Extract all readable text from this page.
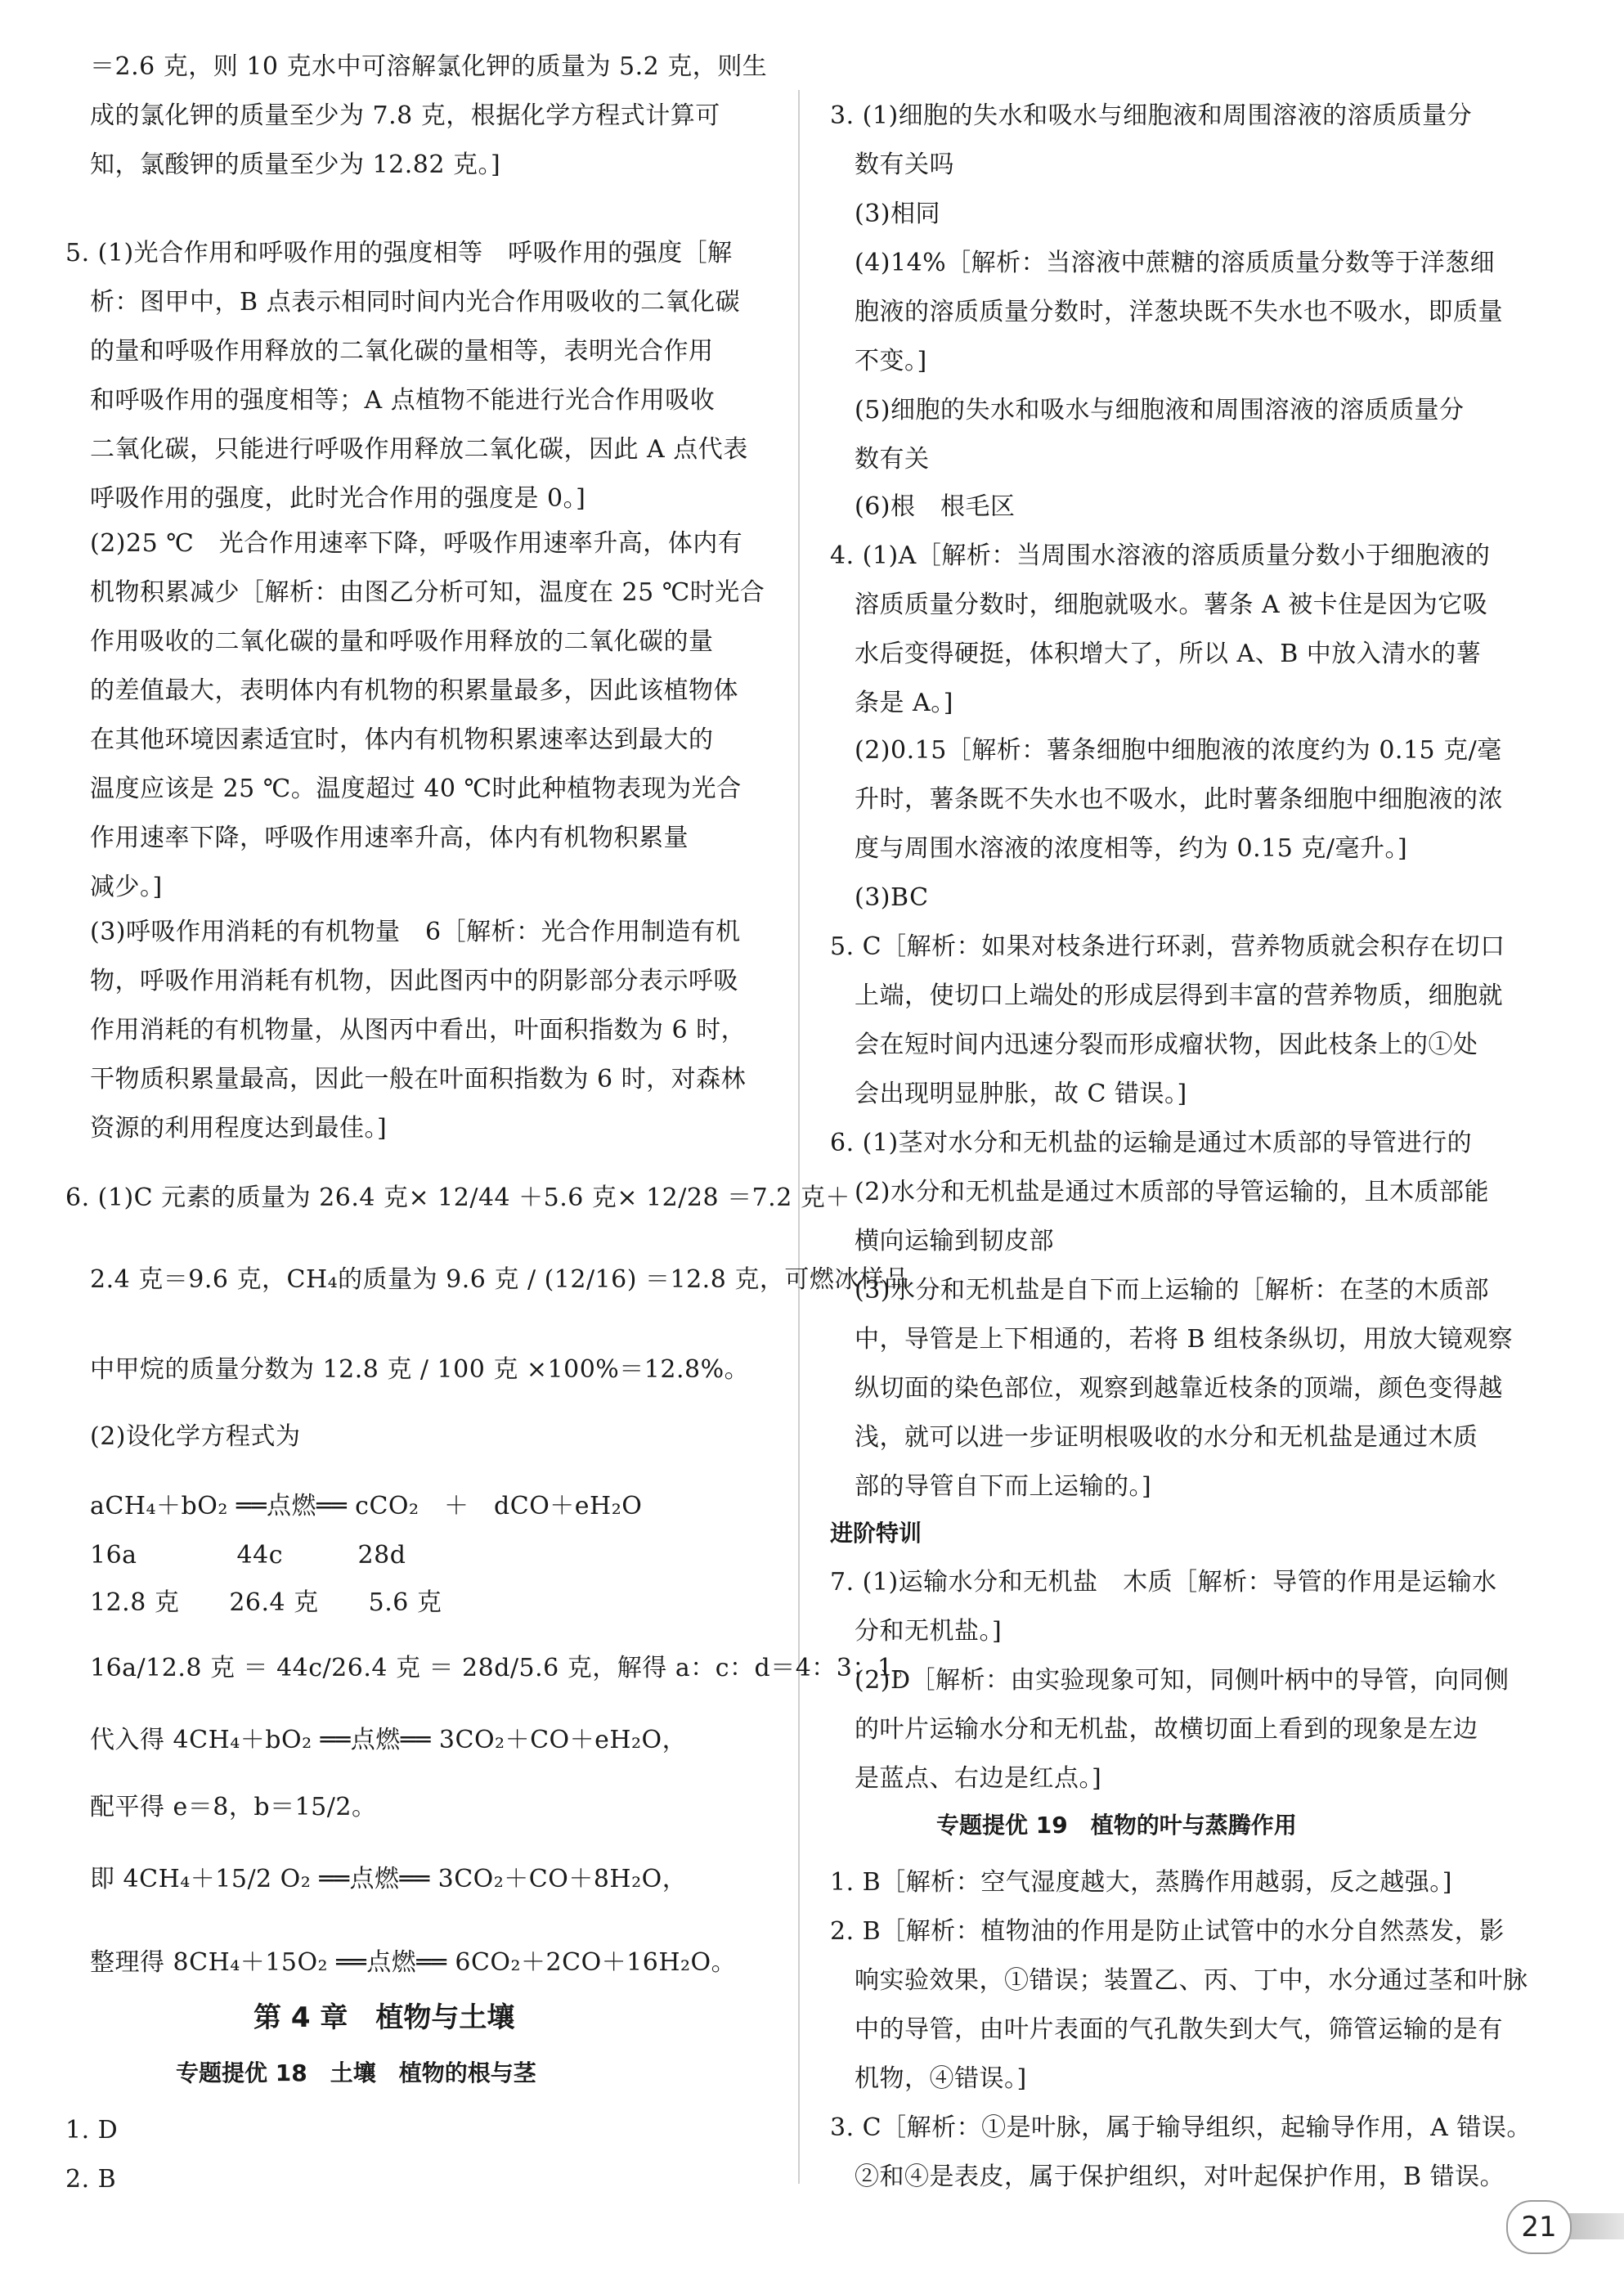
＝2.6 克，则 10 克水中可溶解氯化钾的质量为 5.2 克，则生
成的氯化钾的质量至少为 7.8 克，根据化学方程式计算可
知，氯酸钾的质量至少为 12.82 克。]
5. (1)光合作用和呼吸作用的强度相等　呼吸作用的强度［解
析：图甲中，B 点表示相同时间内光合作用吸收的二氧化碳
的量和呼吸作用释放的二氧化碳的量相等，表明光合作用
和呼吸作用的强度相等；A 点植物不能进行光合作用吸收
二氧化碳，只能进行呼吸作用释放二氧化碳，因此 A 点代表
呼吸作用的强度，此时光合作用的强度是 0。]
(2)25 ℃　光合作用速率下降，呼吸作用速率升高，体内有
机物积累减少［解析：由图乙分析可知，温度在 25 ℃时光合
作用吸收的二氧化碳的量和呼吸作用释放的二氧化碳的量
的差值最大，表明体内有机物的积累量最多，因此该植物体
在其他环境因素适宜时，体内有机物积累速率达到最大的
温度应该是 25 ℃。温度超过 40 ℃时此种植物表现为光合
作用速率下降，呼吸作用速率升高，体内有机物积累量
减少。]
(3)呼吸作用消耗的有机物量　6［解析：光合作用制造有机
物，呼吸作用消耗有机物，因此图丙中的阴影部分表示呼吸
作用消耗的有机物量，从图丙中看出，叶面积指数为 6 时，
干物质积累量最高，因此一般在叶面积指数为 6 时，对森林
资源的利用程度达到最佳。]
6. (1)C 元素的质量为 26.4 克× 12/44 ＋5.6 克× 12/28 ＝7.2 克＋
2.4 克＝9.6 克，CH₄的质量为 9.6 克 / (12/16) ＝12.8 克，可燃冰样品
中甲烷的质量分数为 12.8 克 / 100 克 ×100%＝12.8%。
(2)设化学方程式为
aCH₄＋bO₂ ══点燃══ cCO₂　＋　dCO＋eH₂O
16a　　　　44c　　　28d
12.8 克　　26.4 克　　5.6 克
16a/12.8 克 ＝ 44c/26.4 克 ＝ 28d/5.6 克，解得 a：c：d＝4：3：1。
代入得 4CH₄＋bO₂ ══点燃══ 3CO₂＋CO＋eH₂O，
配平得 e＝8，b＝15/2。
即 4CH₄＋15/2 O₂ ══点燃══ 3CO₂＋CO＋8H₂O，
整理得 8CH₄＋15O₂ ══点燃══ 6CO₂＋2CO＋16H₂O。
第 4 章　植物与土壤
专题提优 18　土壤　植物的根与茎
1. D
2. B
3. (1)细胞的失水和吸水与细胞液和周围溶液的溶质质量分
数有关吗
(3)相同
(4)14%［解析：当溶液中蔗糖的溶质质量分数等于洋葱细
胞液的溶质质量分数时，洋葱块既不失水也不吸水，即质量
不变。]
(5)细胞的失水和吸水与细胞液和周围溶液的溶质质量分
数有关
(6)根　根毛区
4. (1)A［解析：当周围水溶液的溶质质量分数小于细胞液的
溶质质量分数时，细胞就吸水。薯条 A 被卡住是因为它吸
水后变得硬挺，体积增大了，所以 A、B 中放入清水的薯
条是 A。]
(2)0.15［解析：薯条细胞中细胞液的浓度约为 0.15 克/毫
升时，薯条既不失水也不吸水，此时薯条细胞中细胞液的浓
度与周围水溶液的浓度相等，约为 0.15 克/毫升。]
(3)BC
5. C［解析：如果对枝条进行环剥，营养物质就会积存在切口
上端，使切口上端处的形成层得到丰富的营养物质，细胞就
会在短时间内迅速分裂而形成瘤状物，因此枝条上的①处
会出现明显肿胀，故 C 错误。]
6. (1)茎对水分和无机盐的运输是通过木质部的导管进行的
(2)水分和无机盐是通过木质部的导管运输的，且木质部能
横向运输到韧皮部
(3)水分和无机盐是自下而上运输的［解析：在茎的木质部
中，导管是上下相通的，若将 B 组枝条纵切，用放大镜观察
纵切面的染色部位，观察到越靠近枝条的顶端，颜色变得越
浅，就可以进一步证明根吸收的水分和无机盐是通过木质
部的导管自下而上运输的。]
进阶特训
7. (1)运输水分和无机盐　木质［解析：导管的作用是运输水
分和无机盐。]
(2)D［解析：由实验现象可知，同侧叶柄中的导管，向同侧
的叶片运输水分和无机盐，故横切面上看到的现象是左边
是蓝点、右边是红点。]
专题提优 19　植物的叶与蒸腾作用
1. B［解析：空气湿度越大，蒸腾作用越弱，反之越强。]
2. B［解析：植物油的作用是防止试管中的水分自然蒸发，影
响实验效果，①错误；装置乙、丙、丁中，水分通过茎和叶脉
中的导管，由叶片表面的气孔散失到大气，筛管运输的是有
机物，④错误。]
3. C［解析：①是叶脉，属于输导组织，起输导作用，A 错误。
②和④是表皮，属于保护组织，对叶起保护作用，B 错误。
21
